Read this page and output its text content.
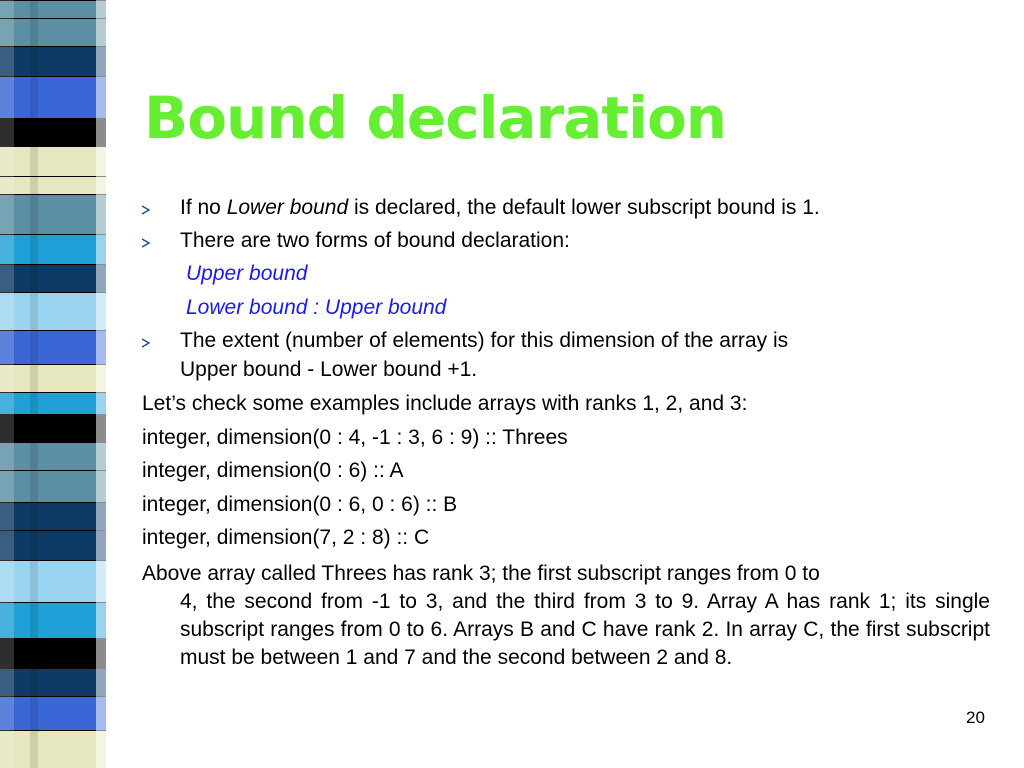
Bound declaration
If no Lower bound is declared, the default lower subscript bound is 1.
There are two forms of bound declaration:
Upper bound
Lower bound : Upper bound
The extent (number of elements) for this dimension of the array is
Upper bound - Lower bound +1.
Let’s check some examples include arrays with ranks 1, 2, and 3:
integer, dimension(0 : 4, -1 : 3, 6 : 9) :: Threes
integer, dimension(0 : 6) :: A
integer, dimension(0 : 6, 0 : 6) :: B
integer, dimension(7, 2 : 8) :: C
Above array called Threes has rank 3; the first subscript ranges from 0 to
4, the second from -1 to 3, and the third from 3 to 9. Array A has rank 1; its single subscript ranges from 0 to 6. Arrays B and C have rank 2. In array C, the first subscript must be between 1 and 7 and the second between 2 and 8.
20
